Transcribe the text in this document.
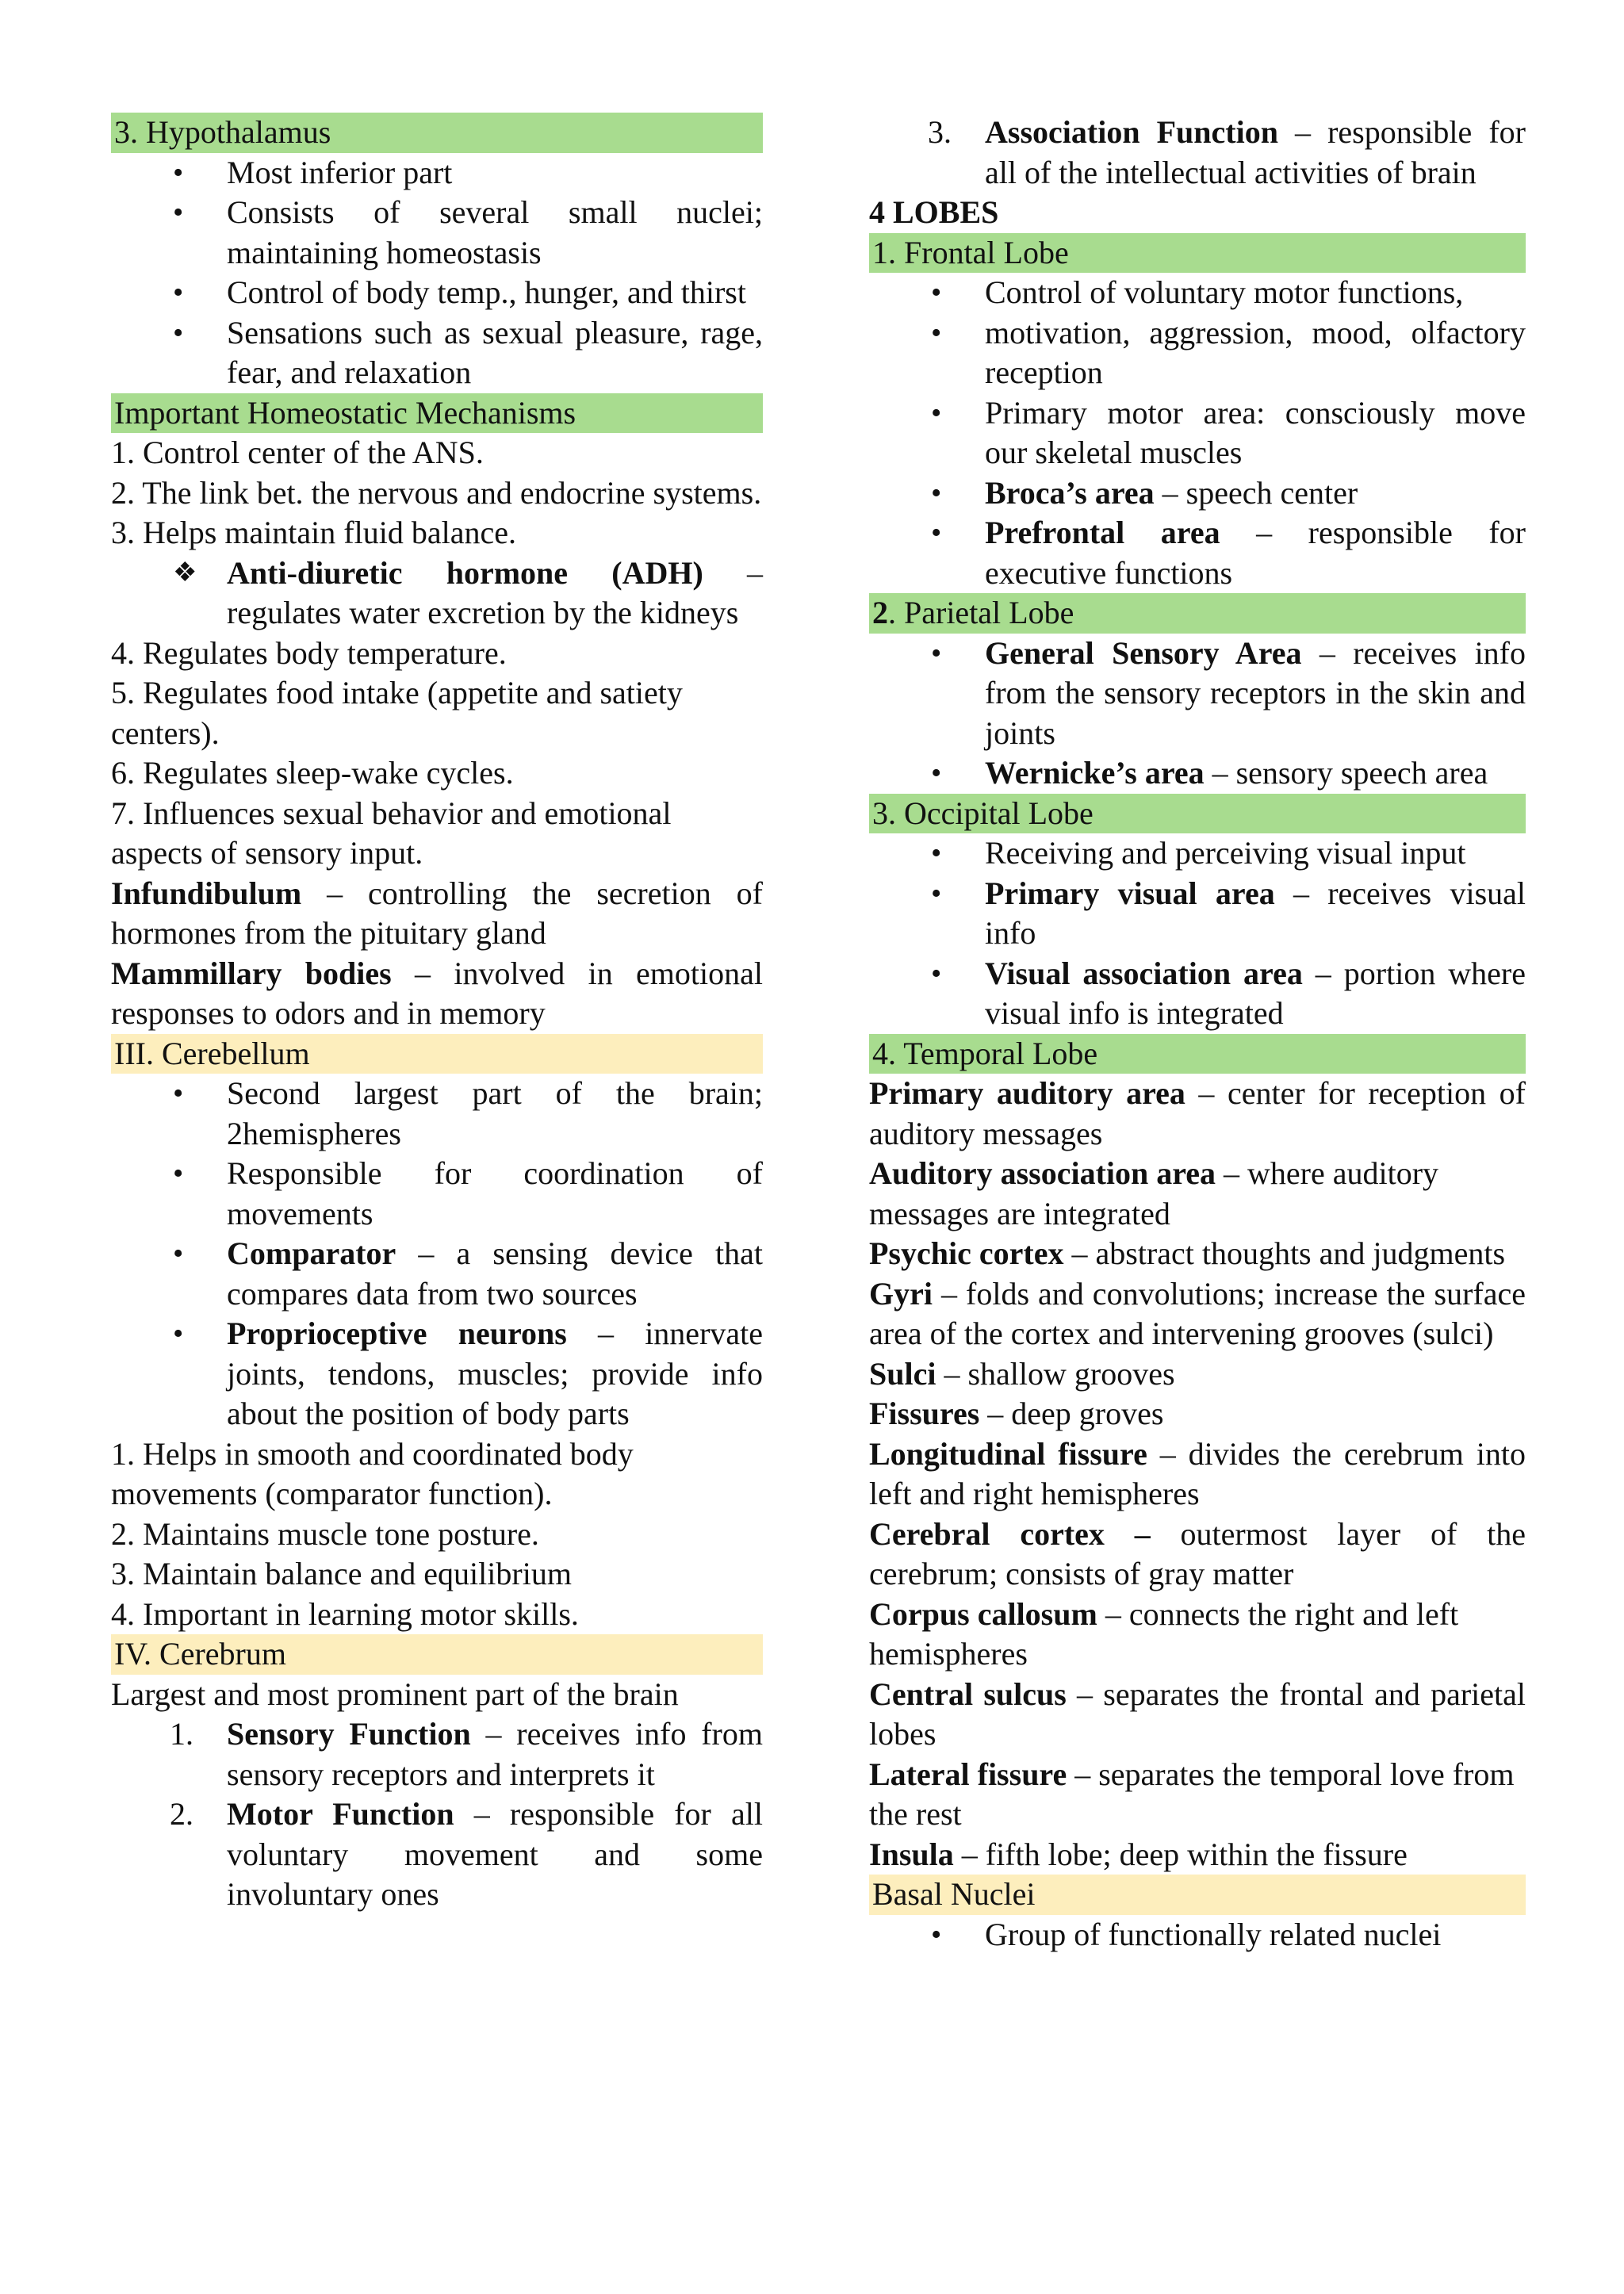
3. Hypothalamus
• Most inferior part
• Consists of several small nuclei; maintaining homeostasis
• Control of body temp., hunger, and thirst
• Sensations such as sexual pleasure, rage, fear, and relaxation
Important Homeostatic Mechanisms

1. Control center of the ANS.

2. The link bet. the nervous and endocrine systems.

3. Helps maintain fluid balance.

❖ Anti-diuretic hormone (ADH) – regulates water excretion by the kidneys

4. Regulates body temperature.

5. Regulates food intake (appetite and satiety centers).

6. Regulates sleep-wake cycles.

7. Influences sexual behavior and emotional aspects of sensory input.

Infundibulum – controlling the secretion of hormones from the pituitary gland

Mammillary bodies – involved in emotional responses to odors and in memory

III. Cerebellum
• Second largest part of the brain; 2hemispheres
• Responsible for coordination of movements
• Comparator – a sensing device that compares data from two sources
• Proprioceptive neurons – innervate joints, tendons, muscles; provide info about the position of body parts

1. Helps in smooth and coordinated body movements (comparator function).

2. Maintains muscle tone posture.

3. Maintain balance and equilibrium

4. Important in learning motor skills.

IV. Cerebrum

Largest and most prominent part of the brain

1. Sensory Function – receives info from sensory receptors and interprets it
2. Motor Function – responsible for all voluntary movement and some involuntary ones
3. Association Function – responsible for all of the intellectual activities of brain
4 LOBES
1. Frontal Lobe
• Control of voluntary motor functions,
• motivation, aggression, mood, olfactory reception
• Primary motor area: consciously move our skeletal muscles
• Broca’s area – speech center
• Prefrontal area – responsible for executive functions
2. Parietal Lobe
• General Sensory Area – receives info from the sensory receptors in the skin and joints
• Wernicke’s area – sensory speech area
3. Occipital Lobe
• Receiving and perceiving visual input
• Primary visual area – receives visual info
• Visual association area – portion where visual info is integrated
4. Temporal Lobe

Primary auditory area – center for reception of auditory messages

Auditory association area – where auditory messages are integrated

Psychic cortex – abstract thoughts and judgments

Gyri – folds and convolutions; increase the surface area of the cortex and intervening grooves (sulci)

Sulci – shallow grooves

Fissures – deep groves

Longitudinal fissure – divides the cerebrum into left and right hemispheres

Cerebral cortex – outermost layer of the cerebrum; consists of gray matter

Corpus callosum – connects the right and left hemispheres

Central sulcus – separates the frontal and parietal lobes

Lateral fissure – separates the temporal love from the rest

Insula – fifth lobe; deep within the fissure

Basal Nuclei
• Group of functionally related nuclei
